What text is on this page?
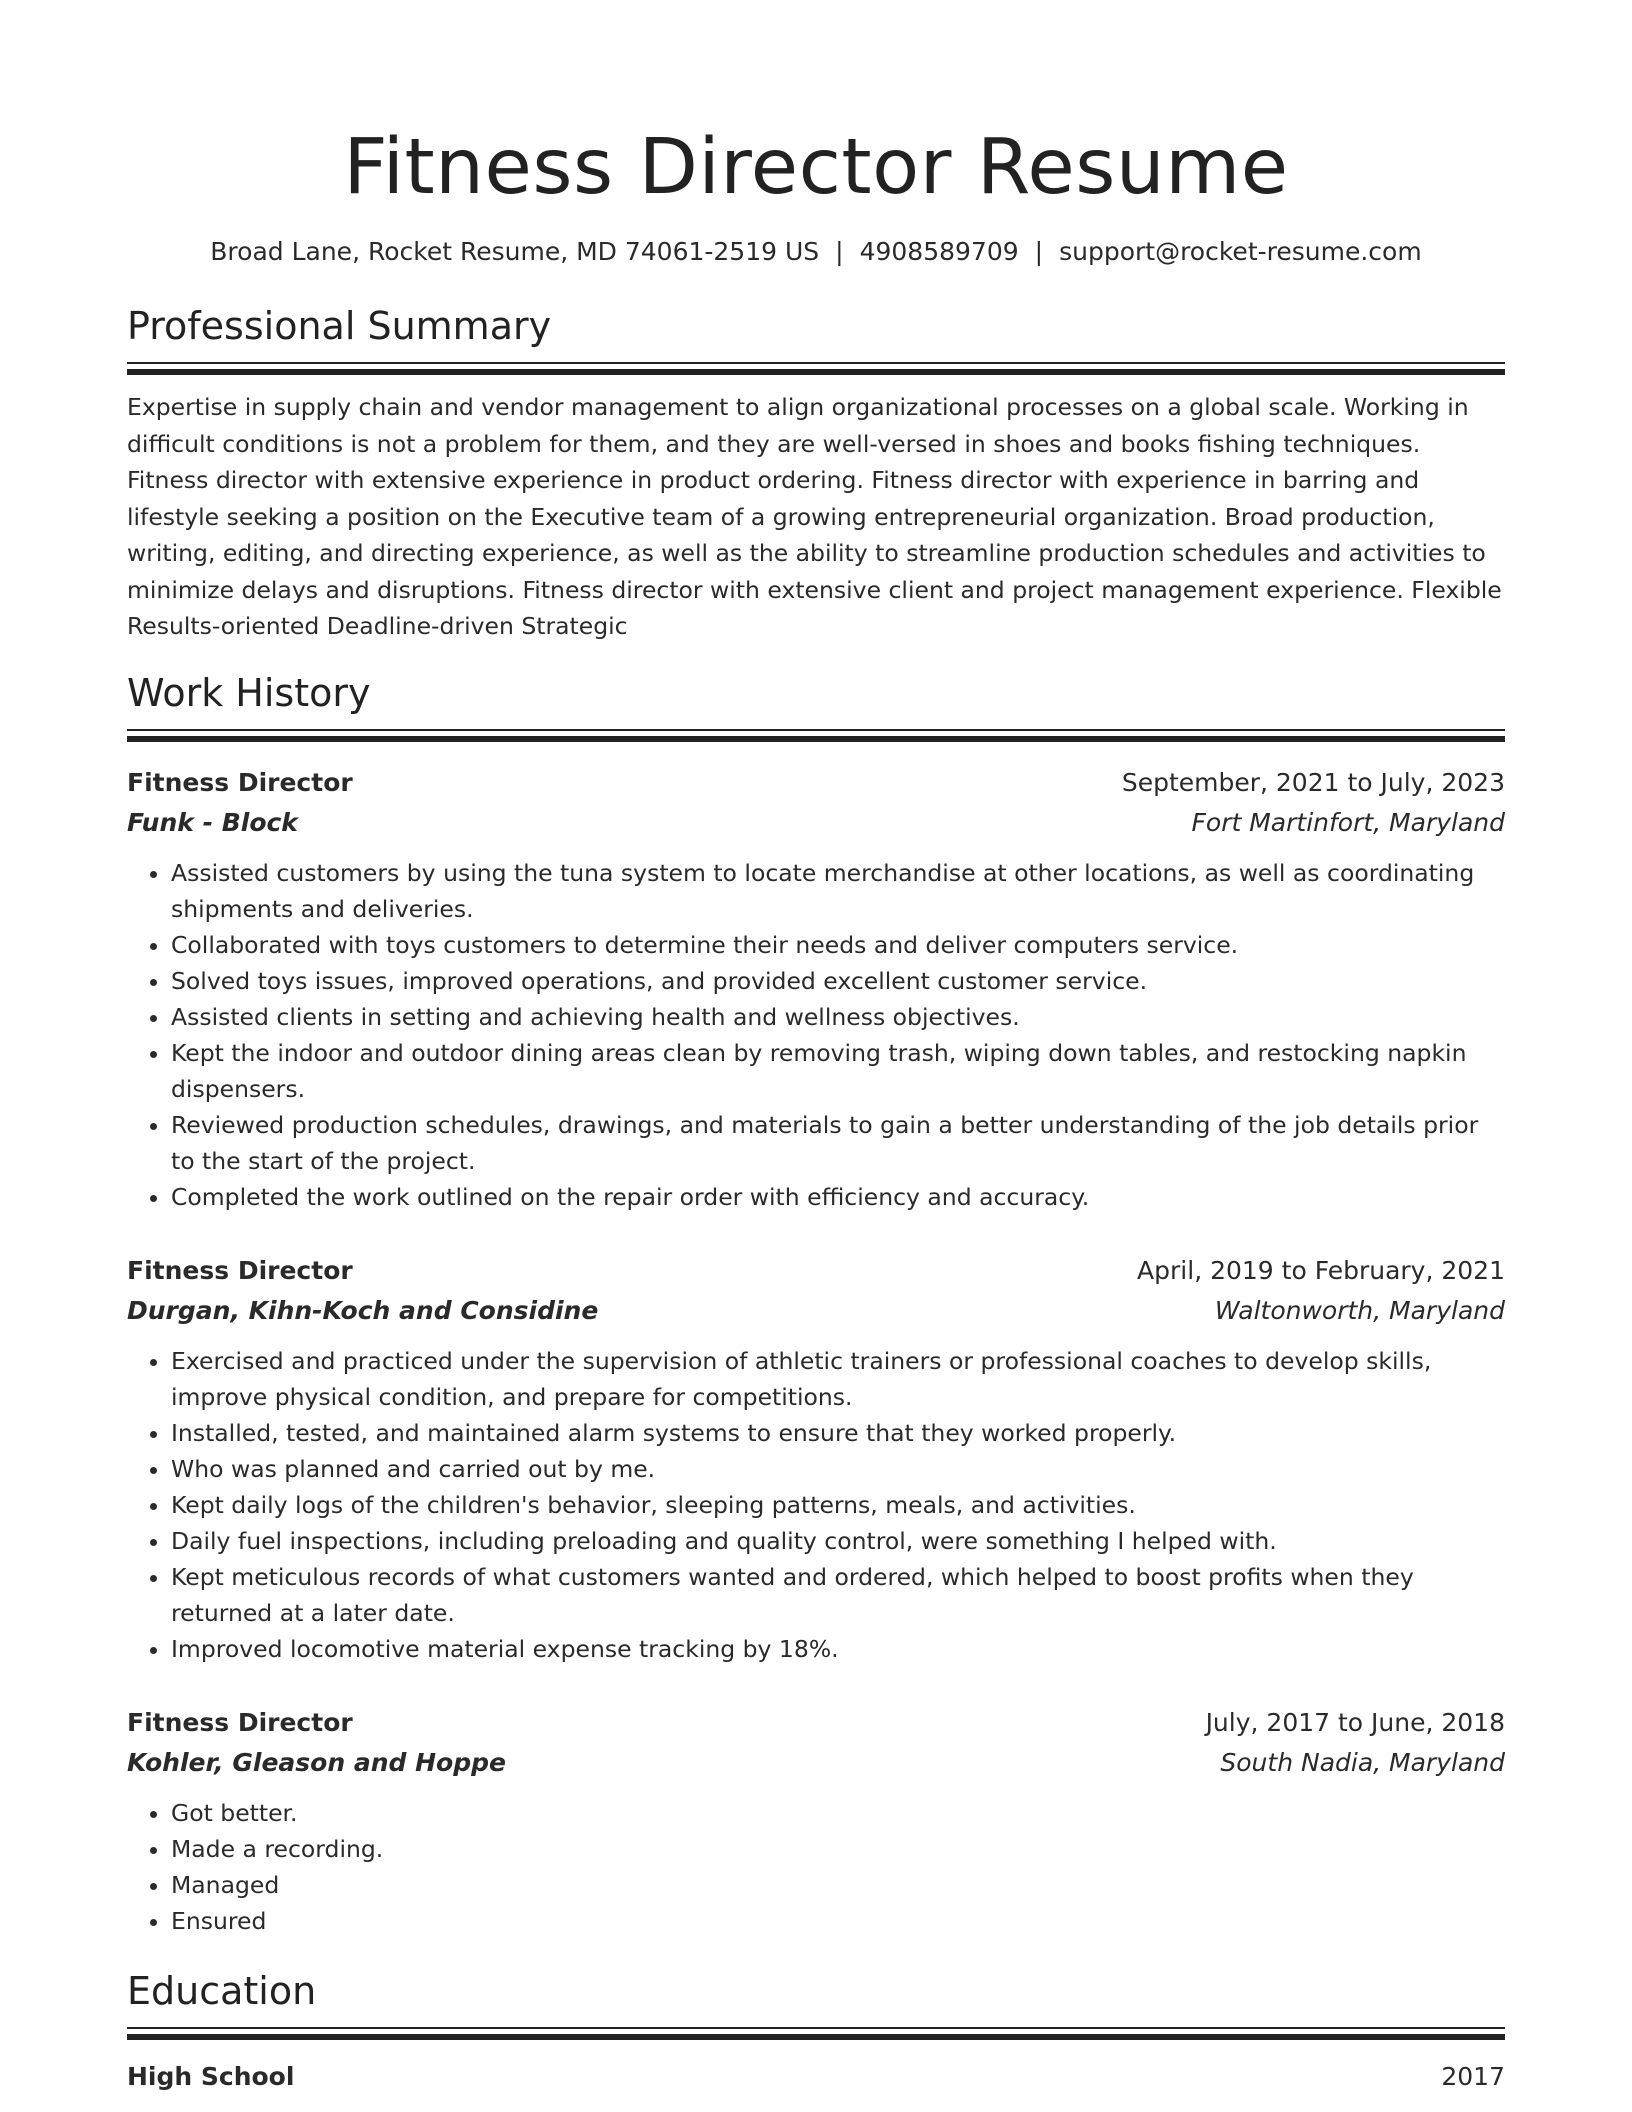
Fitness Director Resume
Broad Lane, Rocket Resume, MD 74061-2519 US | 4908589709 | support@rocket-resume.com
Professional Summary

Expertise in supply chain and vendor management to align organizational processes on a global scale. Working in difficult conditions is not a problem for them, and they are well-versed in shoes and books fishing techniques. Fitness director with extensive experience in product ordering. Fitness director with experience in barring and lifestyle seeking a position on the Executive team of a growing entrepreneurial organization. Broad production, writing, editing, and directing experience, as well as the ability to streamline production schedules and activities to minimize delays and disruptions. Fitness director with extensive client and project management experience. Flexible Results-oriented Deadline-driven Strategic

Work History
Fitness Director	September, 2021 to July, 2023
Funk - Block	Fort Martinfort, Maryland
• Assisted customers by using the tuna system to locate merchandise at other locations, as well as coordinating shipments and deliveries.
• Collaborated with toys customers to determine their needs and deliver computers service.
• Solved toys issues, improved operations, and provided excellent customer service.
• Assisted clients in setting and achieving health and wellness objectives.
• Kept the indoor and outdoor dining areas clean by removing trash, wiping down tables, and restocking napkin dispensers.
• Reviewed production schedules, drawings, and materials to gain a better understanding of the job details prior to the start of the project.
• Completed the work outlined on the repair order with efficiency and accuracy.
Fitness Director	April, 2019 to February, 2021
Durgan, Kihn-Koch and Considine	Waltonworth, Maryland
• Exercised and practiced under the supervision of athletic trainers or professional coaches to develop skills, improve physical condition, and prepare for competitions.
• Installed, tested, and maintained alarm systems to ensure that they worked properly.
• Who was planned and carried out by me.
• Kept daily logs of the children's behavior, sleeping patterns, meals, and activities.
• Daily fuel inspections, including preloading and quality control, were something I helped with.
• Kept meticulous records of what customers wanted and ordered, which helped to boost profits when they returned at a later date.
• Improved locomotive material expense tracking by 18%.
Fitness Director	July, 2017 to June, 2018
Kohler, Gleason and Hoppe	South Nadia, Maryland
• Got better.
• Made a recording.
• Managed
• Ensured
Education
High School	2017
